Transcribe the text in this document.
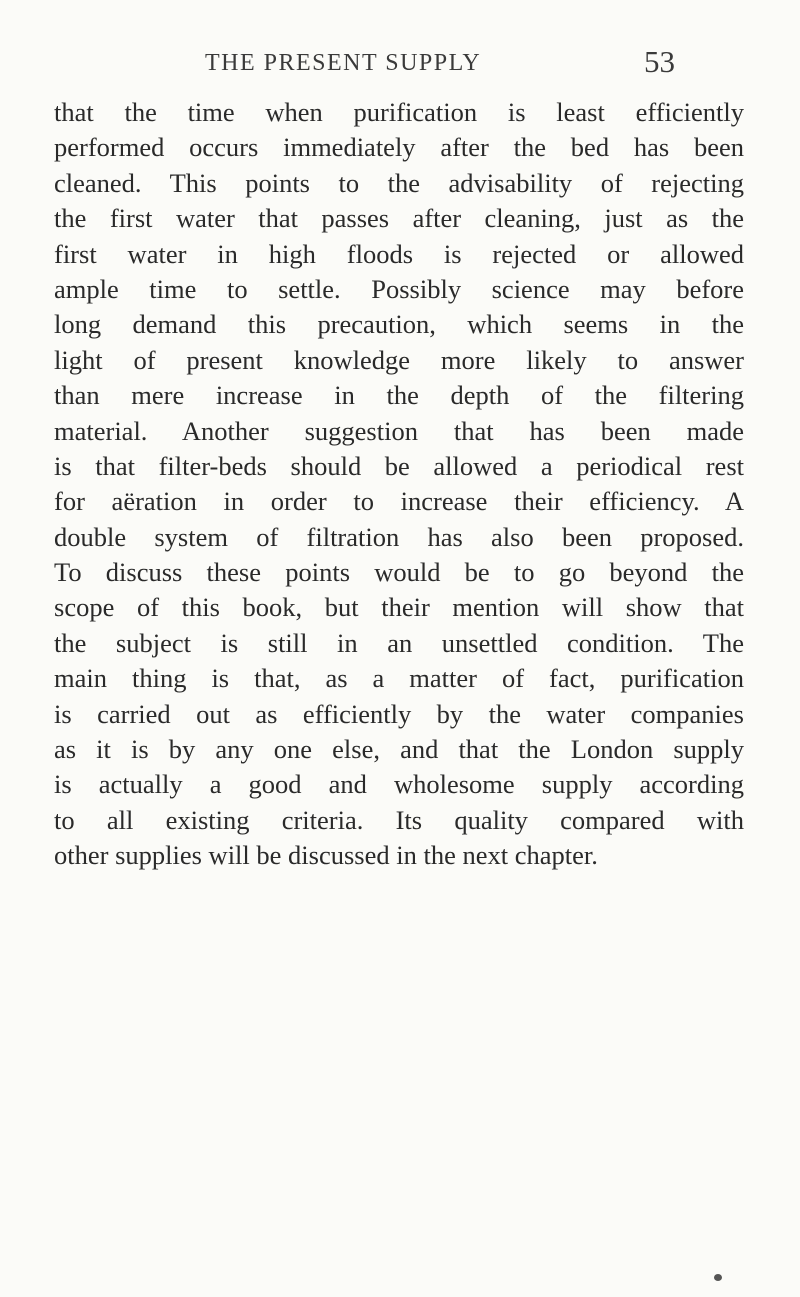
THE PRESENT SUPPLY	53
that the time when purification is least efficiently
performed occurs immediately after the bed has been
cleaned. This points to the advisability of rejecting
the first water that passes after cleaning, just as the
first water in high floods is rejected or allowed
ample time to settle. Possibly science may before
long demand this precaution, which seems in the
light of present knowledge more likely to answer
than mere increase in the depth of the filtering
material. Another suggestion that has been made
is that filter-beds should be allowed a periodical rest
for aëration in order to increase their efficiency. A
double system of filtration has also been proposed.
To discuss these points would be to go beyond the
scope of this book, but their mention will show that
the subject is still in an unsettled condition. The
main thing is that, as a matter of fact, purification
is carried out as efficiently by the water companies
as it is by any one else, and that the London supply
is actually a good and wholesome supply according
to all existing criteria. Its quality compared with
other supplies will be discussed in the next chapter.
